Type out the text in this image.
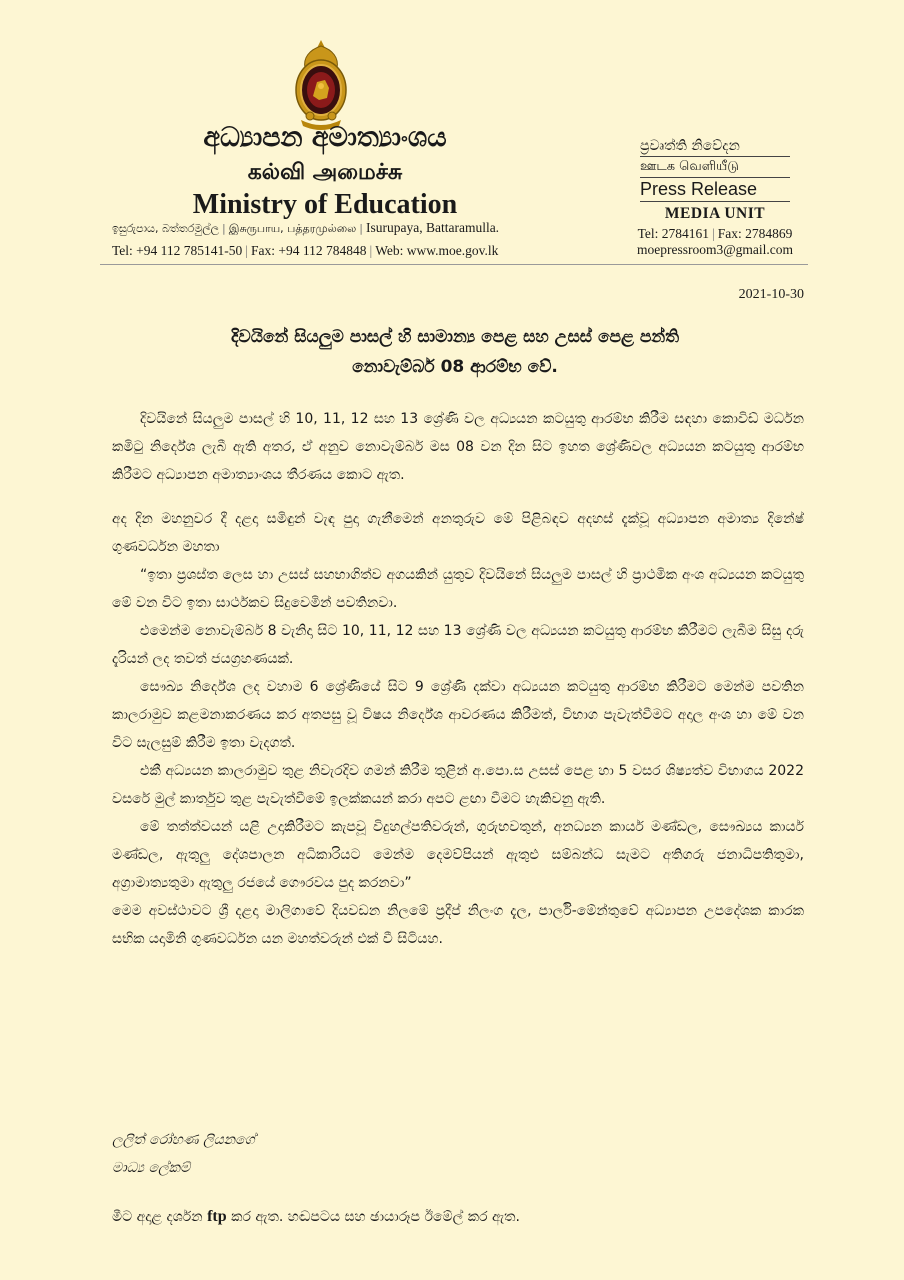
අධ්‍යාපන අමාත්‍යාංශය
கல்வி அமைச்சு
Ministry of Education
ඉසුරුපාය, බත්තරමුල්ල | இசுருபாய, பத்தரமுல்லை | Isurupaya, Battaramulla.
Tel: +94 112 785141-50 | Fax: +94 112 784848 | Web: www.moe.gov.lk
ප්‍රවෘත්ති නිවේදන
ஊடக வெளியீடு
Press Release
MEDIA UNIT
Tel: 2784161 | Fax: 2784869
moepressroom3@gmail.com
2021-10-30
දිවයිනේ සියලුම පාසල් හි සාමාන්‍ය පෙළ සහ උසස් පෙළ පන්ති
නොවැම්බර් 08 ආරම්භ වේ.

දිවයිනේ සියලුම පාසල් හි 10, 11, 12 සහ 13 ශ්‍රේණි වල අධ්‍යයන කටයුතු ආරම්භ කිරීම සඳහා කොවිඩ් මර්ධන කමිටු නිර්දේශ ලැබී ඇති අතර, ඒ අනුව නොවැම්බර් මස 08 වන දින සිට ඉහත ශ්‍රේණිවල අධ්‍යයන කටයුතු ආරම්භ කිරීමට අධ්‍යාපන අමාත්‍යාංශය තීරණය කොට ඇත.

අද දින මහනුවර දී දළදා සමිඳුන් වැඳ පුදා ගැනීමෙන් අනතුරුව මේ පිළිබඳව අදහස් දැක්වූ අධ්‍යාපන අමාත්‍ය දිනේෂ් ගුණවර්ධන මහතා

“ඉතා ප්‍රශස්ත ලෙස හා උසස් සහභාගිත්ව අගයකින් යුතුව දිවයිනේ සියලුම පාසල් හි ප්‍රාථමික අංශ අධ්‍යයන කටයුතු මේ වන විට ඉතා සාර්ථකව සිදුවෙමින් පවතිනවා.

එමෙන්ම නොවැම්බර් 8 වැනිදා සිට 10, 11, 12 සහ 13 ශ්‍රේණි වල අධ්‍යයන කටයුතු ආරම්භ කිරීමට ලැබීම සිසු දරු දැරියන් ලද තවත් ජයග්‍රහණයක්.

සෞඛ්‍ය නිර්දේශ ලද වහාම 6 ශ්‍රේණියේ සිට 9 ශ්‍රේණි දක්වා අධ්‍යයන කටයුතු ආරම්භ කිරීමට මෙන්ම පවතින කාලරාමුව කළමනාකරණය කර අතපසු වූ විෂය නිර්දේශ ආවරණය කිරීමත්, විභාග පැවැත්වීමට අදාල අංශ හා මේ වන විට සැලසුම් කිරීම ඉතා වැදගත්.

එකී අධ්‍යයන කාලරාමුව තුළ නිවැරදිව ගමන් කිරීම තුළින් අ.පො.ස උසස් පෙළ හා 5 වසර ශිෂ්‍යත්ව විභාගය 2022 වසරේ මුල් කාර්තුව තුළ පැවැත්වීමේ ඉලක්කයන් කරා අපට ළඟා වීමට හැකිවනු ඇති.

මේ තත්ත්වයන් යළි උදාකිරීමට කැපවූ විදුහල්පතිවරුන්, ගුරුභවතුන්, අනධ්‍යන කාර්ය මණ්ඩල, සෞඛ්‍යය කාර්ය මණ්ඩල, ඇතුලු දේශපාලන අධිකාරියට මෙන්ම දෙමව්පියන් ඇතුළු සම්බන්ධ සැමට අතිගරු ජනාධිපතිතුමා, අග්‍රාමාත්‍යතුමා ඇතුලු රජයේ ගෞරවය පුද කරනවා”

මෙම අවස්ථාවට ශ්‍රී දළදා මාලිගාවේ දියවඩන නිලමේ ප්‍රදීප් නිලංග දැල, පාර්ලි-මේන්තුවේ අධ්‍යාපන උපදේශක කාරක සභික යදාමිනි ගුණවර්ධන යන මහත්වරුන් එක් වී සිටියහ.

ලලිත් රෝහණ ලියනගේ
මාධ්‍ය ලේකම්
මීට අදාළ දර්ශන ftp කර ඇත. හඬපටය සහ ඡායාරූප ඊමේල් කර ඇත.
